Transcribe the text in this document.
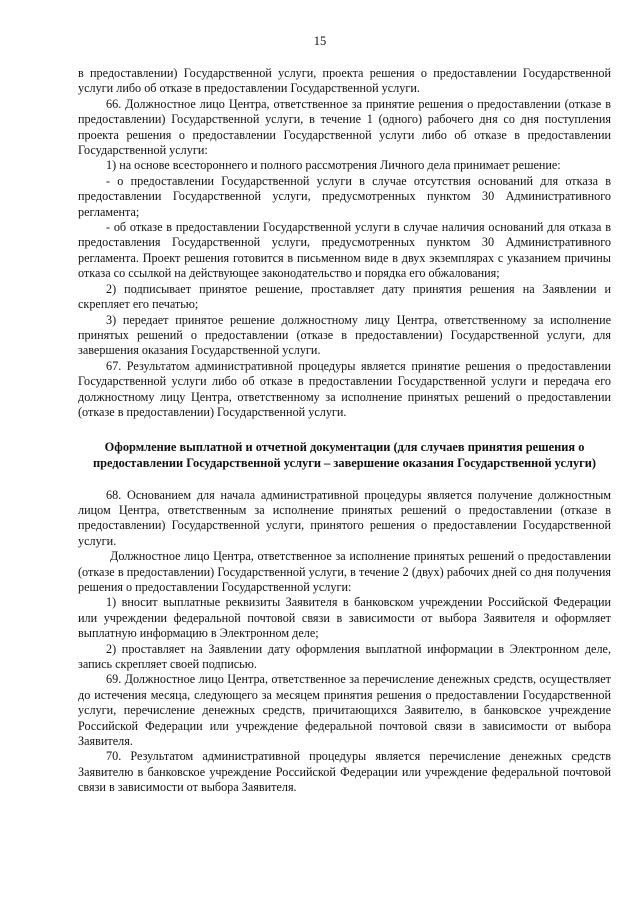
15

в предоставлении) Государственной услуги, проекта решения о предоставлении Государственной услуги либо об отказе в предоставлении Государственной услуги.

66. Должностное лицо Центра, ответственное за принятие решения о предоставлении (отказе в предоставлении) Государственной услуги, в течение 1 (одного) рабочего дня со дня поступления проекта решения о предоставлении Государственной услуги либо об отказе в предоставлении Государственной услуги:

1) на основе всестороннего и полного рассмотрения Личного дела принимает решение:

- о предоставлении Государственной услуги в случае отсутствия оснований для отказа в предоставлении Государственной услуги, предусмотренных пунктом 30 Административного регламента;

- об отказе в предоставлении Государственной услуги в случае наличия оснований для отказа в предоставления Государственной услуги, предусмотренных пунктом 30 Административного регламента. Проект решения готовится в письменном виде в двух экземплярах с указанием причины отказа со ссылкой на действующее законодательство и порядка его обжалования;

2) подписывает принятое решение, проставляет дату принятия решения на Заявлении и скрепляет его печатью;

3) передает принятое решение должностному лицу Центра, ответственному за исполнение принятых решений о предоставлении (отказе в предоставлении) Государственной услуги, для завершения оказания Государственной услуги.

67. Результатом административной процедуры является принятие решения о предоставлении Государственной услуги либо об отказе в предоставлении Государственной услуги и передача его должностному лицу Центра, ответственному за исполнение принятых решений о предоставлении (отказе в предоставлении) Государственной услуги.

Оформление выплатной и отчетной документации (для случаев принятия решения о предоставлении Государственной услуги – завершение оказания Государственной услуги)

68. Основанием для начала административной процедуры является получение должностным лицом Центра, ответственным за исполнение принятых решений о предоставлении (отказе в предоставлении) Государственной услуги, принятого решения о предоставлении Государственной услуги.

Должностное лицо Центра, ответственное за исполнение принятых решений о предоставлении (отказе в предоставлении) Государственной услуги, в течение 2 (двух) рабочих дней со дня получения решения о предоставлении Государственной услуги:

1) вносит выплатные реквизиты Заявителя в банковском учреждении Российской Федерации или учреждении федеральной почтовой связи в зависимости от выбора Заявителя и оформляет выплатную информацию в Электронном деле;

2) проставляет на Заявлении дату оформления выплатной информации в Электронном деле, запись скрепляет своей подписью.

69. Должностное лицо Центра, ответственное за перечисление денежных средств, осуществляет до истечения месяца, следующего за месяцем принятия решения о предоставлении Государственной услуги, перечисление денежных средств, причитающихся Заявителю, в банковское учреждение Российской Федерации или учреждение федеральной почтовой связи в зависимости от выбора Заявителя.

70. Результатом административной процедуры является перечисление денежных средств Заявителю в банковское учреждение Российской Федерации или учреждение федеральной почтовой связи в зависимости от выбора Заявителя.
